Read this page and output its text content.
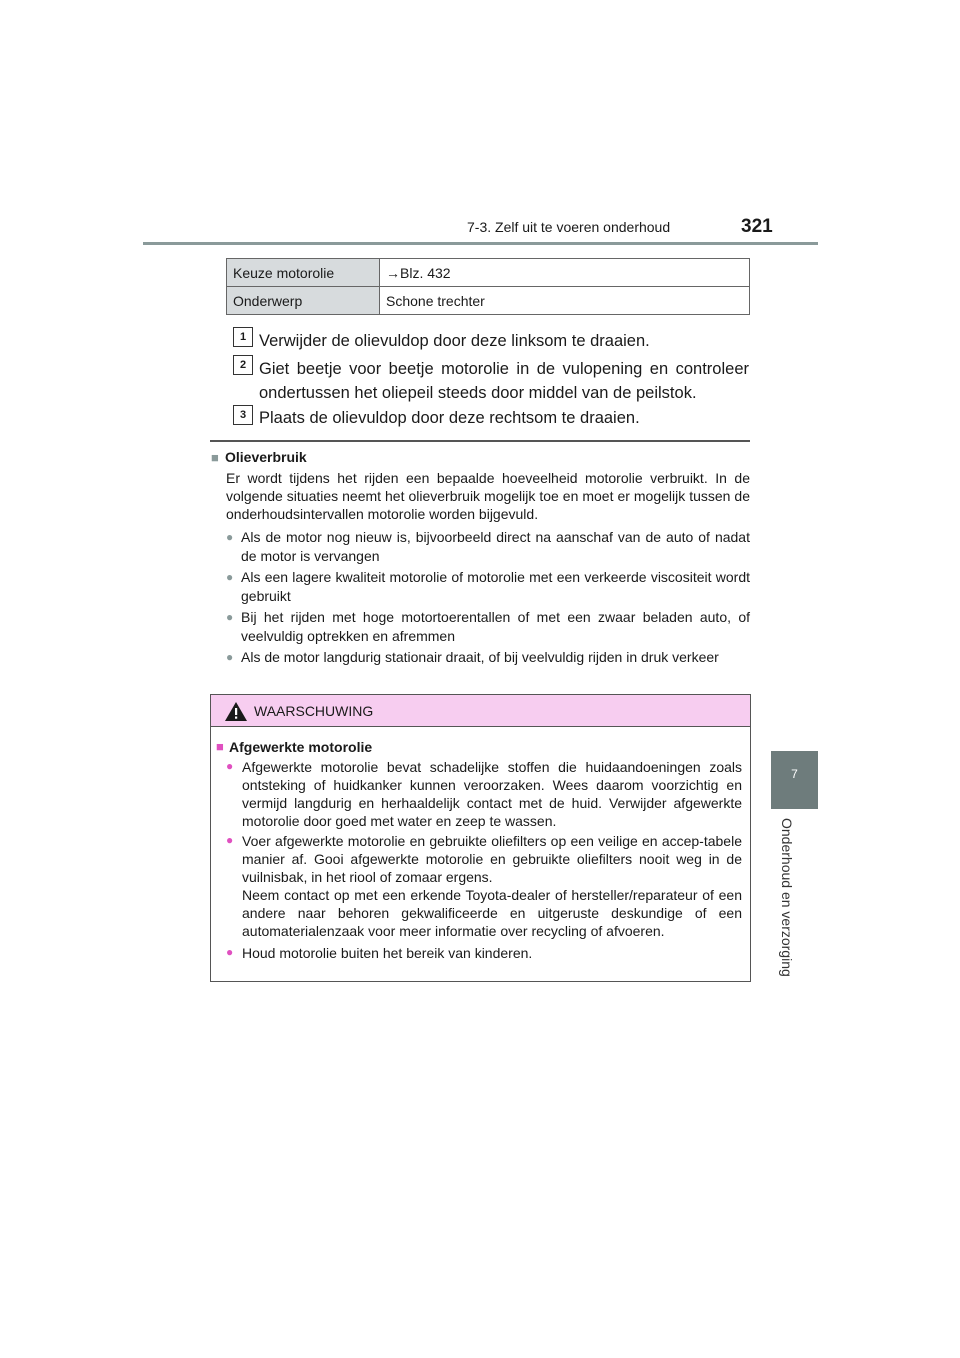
7-3. Zelf uit te voeren onderhoud	321
7
Onderhoud en verzorging
Keuze motorolie	→Blz. 432
Onderwerp	Schone trechter
1 Verwijder de olievuldop door deze linksom te draaien.
2 Giet beetje voor beetje motorolie in de vulopening en controleer ondertussen het oliepeil steeds door middel van de peilstok.
3 Plaats de olievuldop door deze rechtsom te draaien.
■ Olieverbruik
Er wordt tijdens het rijden een bepaalde hoeveelheid motorolie verbruikt. In de volgende situaties neemt het olieverbruik mogelijk toe en moet er mogelijk tussen de onderhoudsintervallen motorolie worden bijgevuld.
● Als de motor nog nieuw is, bijvoorbeeld direct na aanschaf van de auto of nadat de motor is vervangen
● Als een lagere kwaliteit motorolie of motorolie met een verkeerde viscositeit wordt gebruikt
● Bij het rijden met hoge motortoerentallen of met een zwaar beladen auto, of veelvuldig optrekken en afremmen
● Als de motor langdurig stationair draait, of bij veelvuldig rijden in druk verkeer
WAARSCHUWING
■ Afgewerkte motorolie
● Afgewerkte motorolie bevat schadelijke stoffen die huidaandoeningen zoals ontsteking of huidkanker kunnen veroorzaken. Wees daarom voorzichtig en vermijd langdurig en herhaaldelijk contact met de huid. Verwijder afgewerkte motorolie door goed met water en zeep te wassen.
● Voer afgewerkte motorolie en gebruikte oliefilters op een veilige en accep-tabele manier af. Gooi afgewerkte motorolie en gebruikte oliefilters nooit weg in de vuilnisbak, in het riool of zomaar ergens.
Neem contact op met een erkende Toyota-dealer of hersteller/reparateur of een andere naar behoren gekwalificeerde en uitgeruste deskundige of een automaterialenzaak voor meer informatie over recycling of afvoeren.
● Houd motorolie buiten het bereik van kinderen.
